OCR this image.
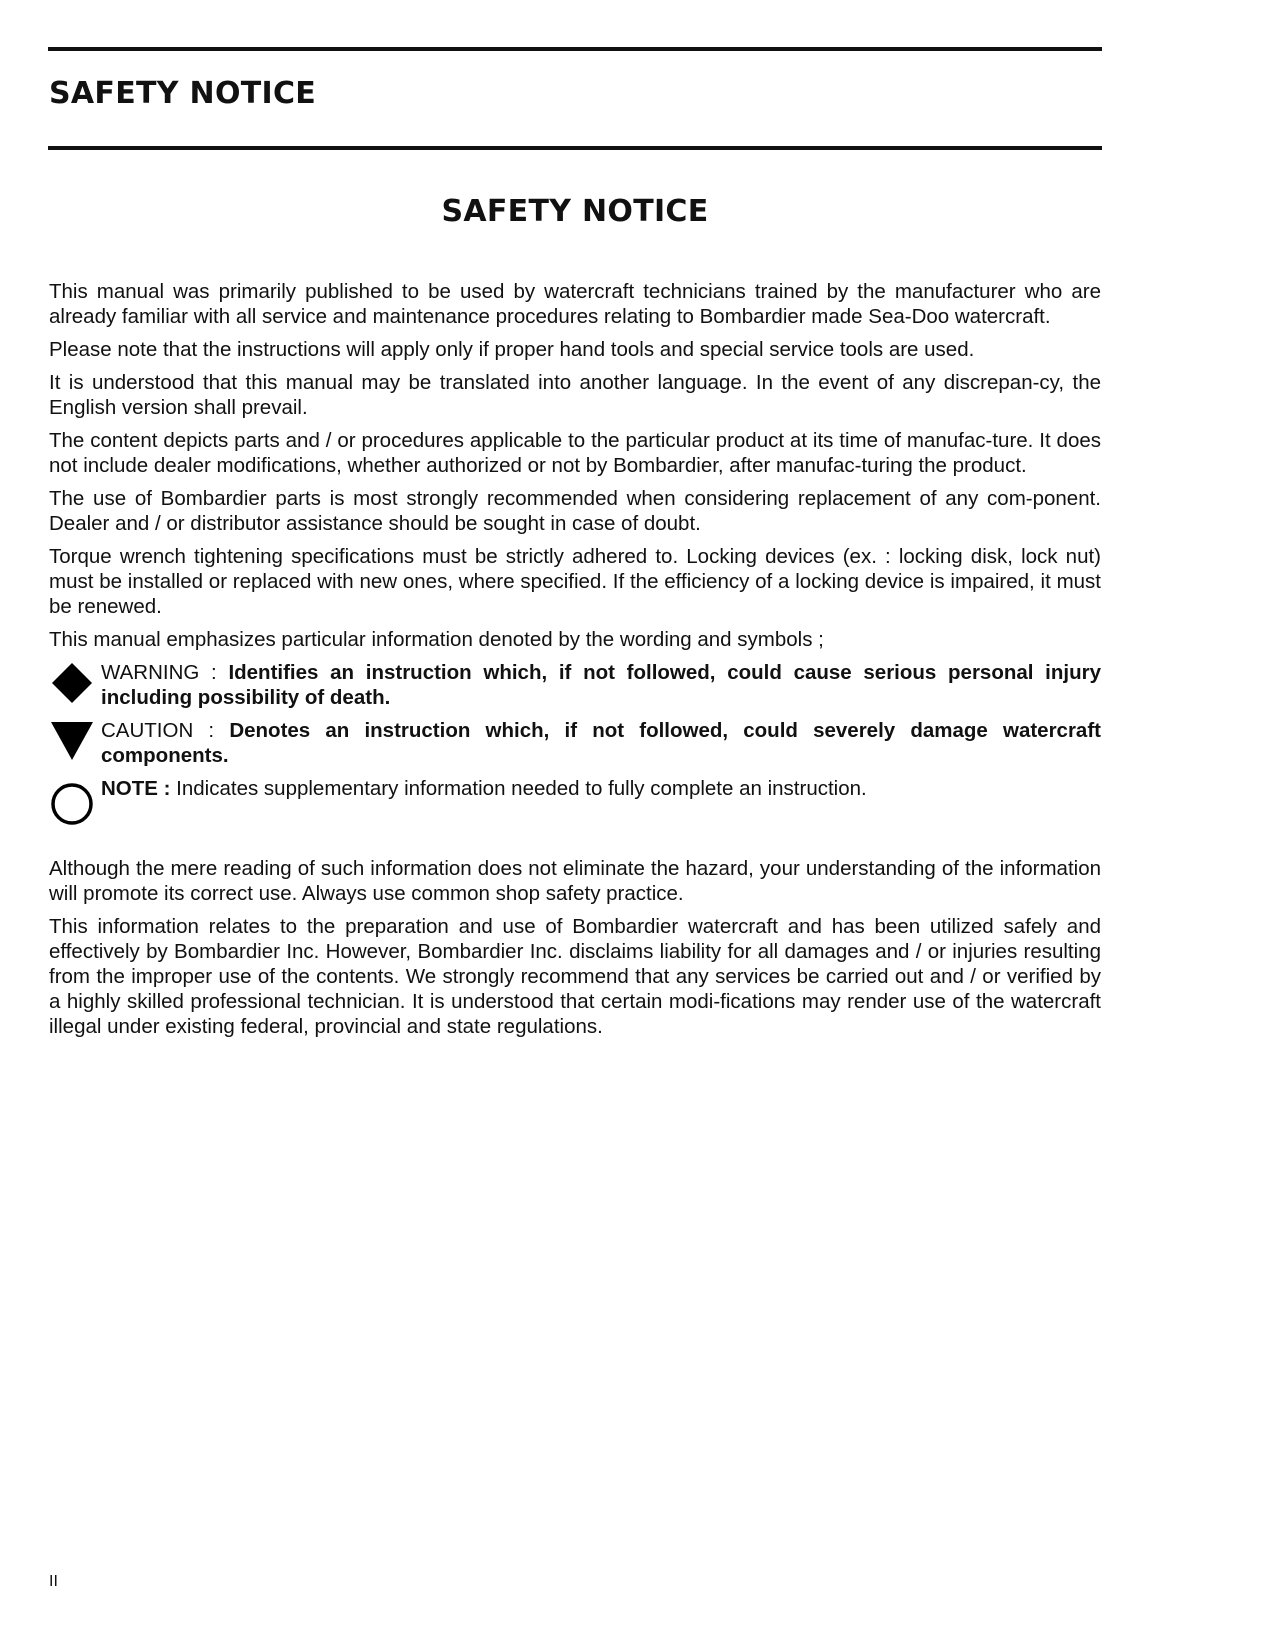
SAFETY NOTICE
SAFETY NOTICE

This manual was primarily published to be used by watercraft technicians trained by the manufacturer who are already familiar with all service and maintenance procedures relating to Bombardier made Sea-Doo watercraft.

Please note that the instructions will apply only if proper hand tools and special service tools are used.

It is understood that this manual may be translated into another language. In the event of any discrepan-cy, the English version shall prevail.

The content depicts parts and / or procedures applicable to the particular product at its time of manufac-ture. It does not include dealer modifications, whether authorized or not by Bombardier, after manufac-turing the product.

The use of Bombardier parts is most strongly recommended when considering replacement of any com-ponent. Dealer and / or distributor assistance should be sought in case of doubt.

Torque wrench tightening specifications must be strictly adhered to. Locking devices (ex. : locking disk, lock nut) must be installed or replaced with new ones, where specified. If the efficiency of a locking device is impaired, it must be renewed.

This manual emphasizes particular information denoted by the wording and symbols ;

WARNING : Identifies an instruction which, if not followed, could cause serious personal injury including possibility of death.
CAUTION : Denotes an instruction which, if not followed, could severely damage watercraft components.
NOTE : Indicates supplementary information needed to fully complete an instruction.

Although the mere reading of such information does not eliminate the hazard, your understanding of the information will promote its correct use. Always use common shop safety practice.

This information relates to the preparation and use of Bombardier watercraft and has been utilized safely and effectively by Bombardier Inc. However, Bombardier Inc. disclaims liability for all damages and / or injuries resulting from the improper use of the contents. We strongly recommend that any services be carried out and / or verified by a highly skilled professional technician. It is understood that certain modi-fications may render use of the watercraft illegal under existing federal, provincial and state regulations.

II
